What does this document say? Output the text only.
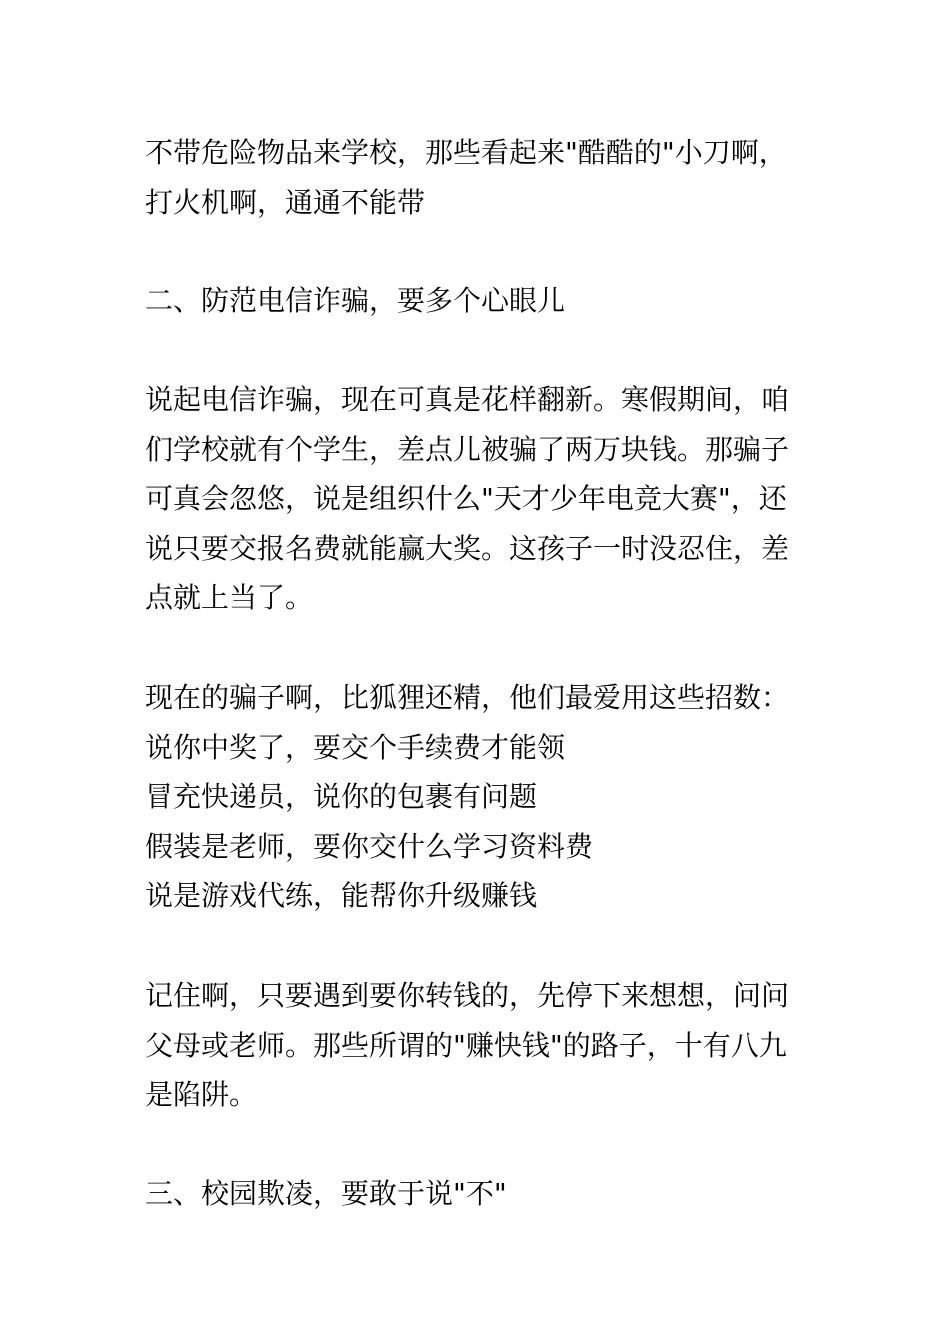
不带危险物品来学校，那些看起来"酷酷的"小刀啊，
打火机啊，通通不能带
二、防范电信诈骗，要多个心眼儿
说起电信诈骗，现在可真是花样翻新。寒假期间，咱
们学校就有个学生，差点儿被骗了两万块钱。那骗子
可真会忽悠，说是组织什么"天才少年电竞大赛"，还
说只要交报名费就能赢大奖。这孩子一时没忍住，差
点就上当了。
现在的骗子啊，比狐狸还精，他们最爱用这些招数：
说你中奖了，要交个手续费才能领
冒充快递员，说你的包裹有问题
假装是老师，要你交什么学习资料费
说是游戏代练，能帮你升级赚钱
记住啊，只要遇到要你转钱的，先停下来想想，问问
父母或老师。那些所谓的"赚快钱"的路子，十有八九
是陷阱。
三、校园欺凌，要敢于说"不"
